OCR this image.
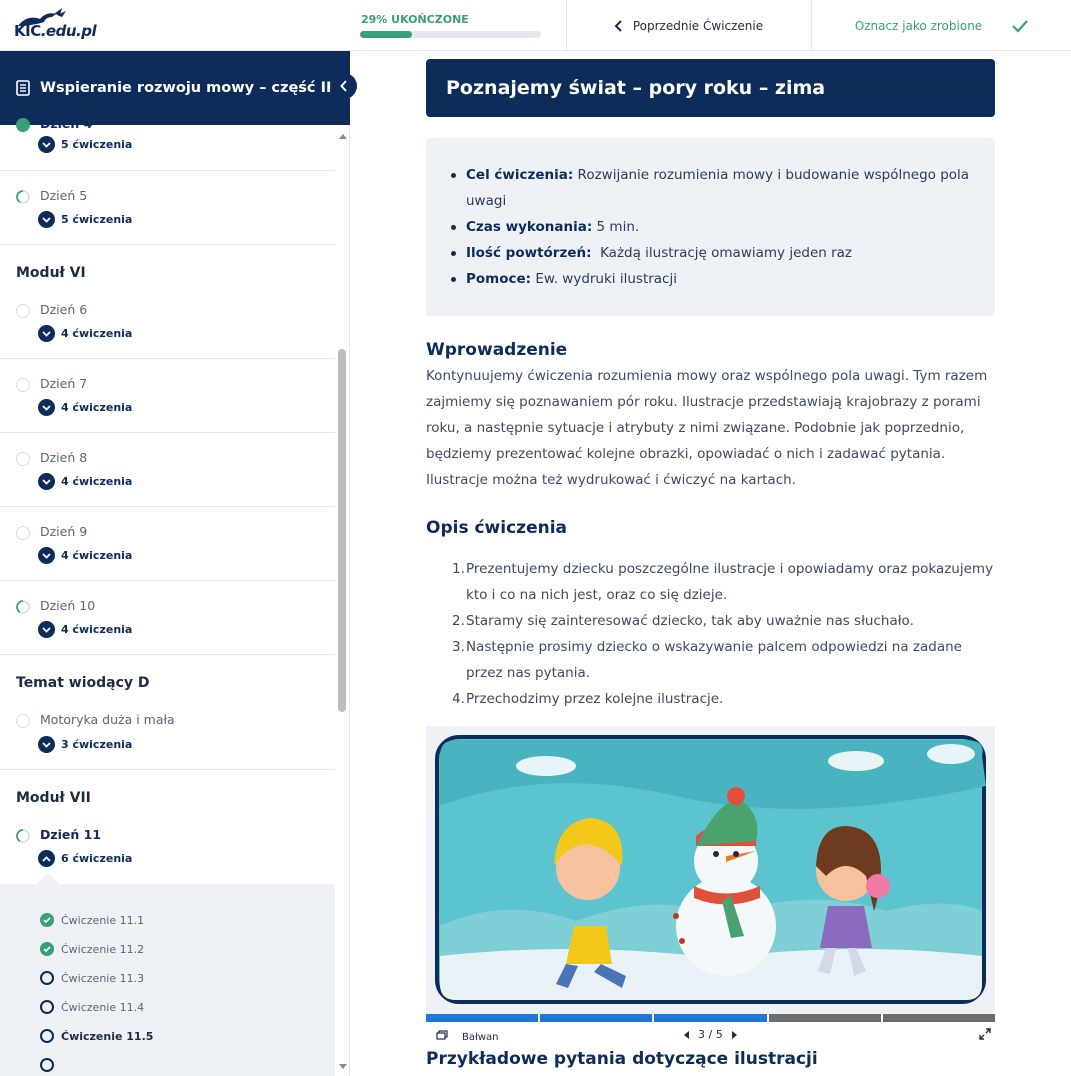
KIC.edu.pl
29% UKOŃCZONE	Poprzednie Ćwiczenie	Oznacz jako zrobione
Wspieranie rozwoju mowy – część II
Dzień 4
5 ćwiczenia
Dzień 5
5 ćwiczenia
Moduł VI
Dzień 6
4 ćwiczenia
Dzień 7
4 ćwiczenia
Dzień 8
4 ćwiczenia
Dzień 9
4 ćwiczenia
Dzień 10
4 ćwiczenia
Temat wiodący D
Motoryka duża i mała
3 ćwiczenia
Moduł VII
Dzień 11
6 ćwiczenia
Ćwiczenie 11.1
Ćwiczenie 11.2
Ćwiczenie 11.3
Ćwiczenie 11.4
Ćwiczenie 11.5
Poznajemy świat – pory roku – zima
Cel ćwiczenia: Rozwijanie rozumienia mowy i budowanie wspólnego pola uwagi
Czas wykonania: 5 min.
Ilość powtórzeń:  Każdą ilustrację omawiamy jeden raz
Pomoce: Ew. wydruki ilustracji
Wprowadzenie
Kontynuujemy ćwiczenia rozumienia mowy oraz wspólnego pola uwagi. Tym razem zajmiemy się poznawaniem pór roku. Ilustracje przedstawiają krajobrazy z porami roku, a następnie sytuacje i atrybuty z nimi związane. Podobnie jak poprzednio, będziemy prezentować kolejne obrazki, opowiadać o nich i zadawać pytania. Ilustracje można też wydrukować i ćwiczyć na kartach.
Opis ćwiczenia
1. Prezentujemy dziecku poszczególne ilustracje i opowiadamy oraz pokazujemy kto i co na nich jest, oraz co się dzieje.
2. Staramy się zainteresować dziecko, tak aby uważnie nas słuchało.
3. Następnie prosimy dziecko o wskazywanie palcem odpowiedzi na zadane przez nas pytania.
4. Przechodzimy przez kolejne ilustracje.
Bałwan	3 / 5
Przykładowe pytania dotyczące ilustracji
